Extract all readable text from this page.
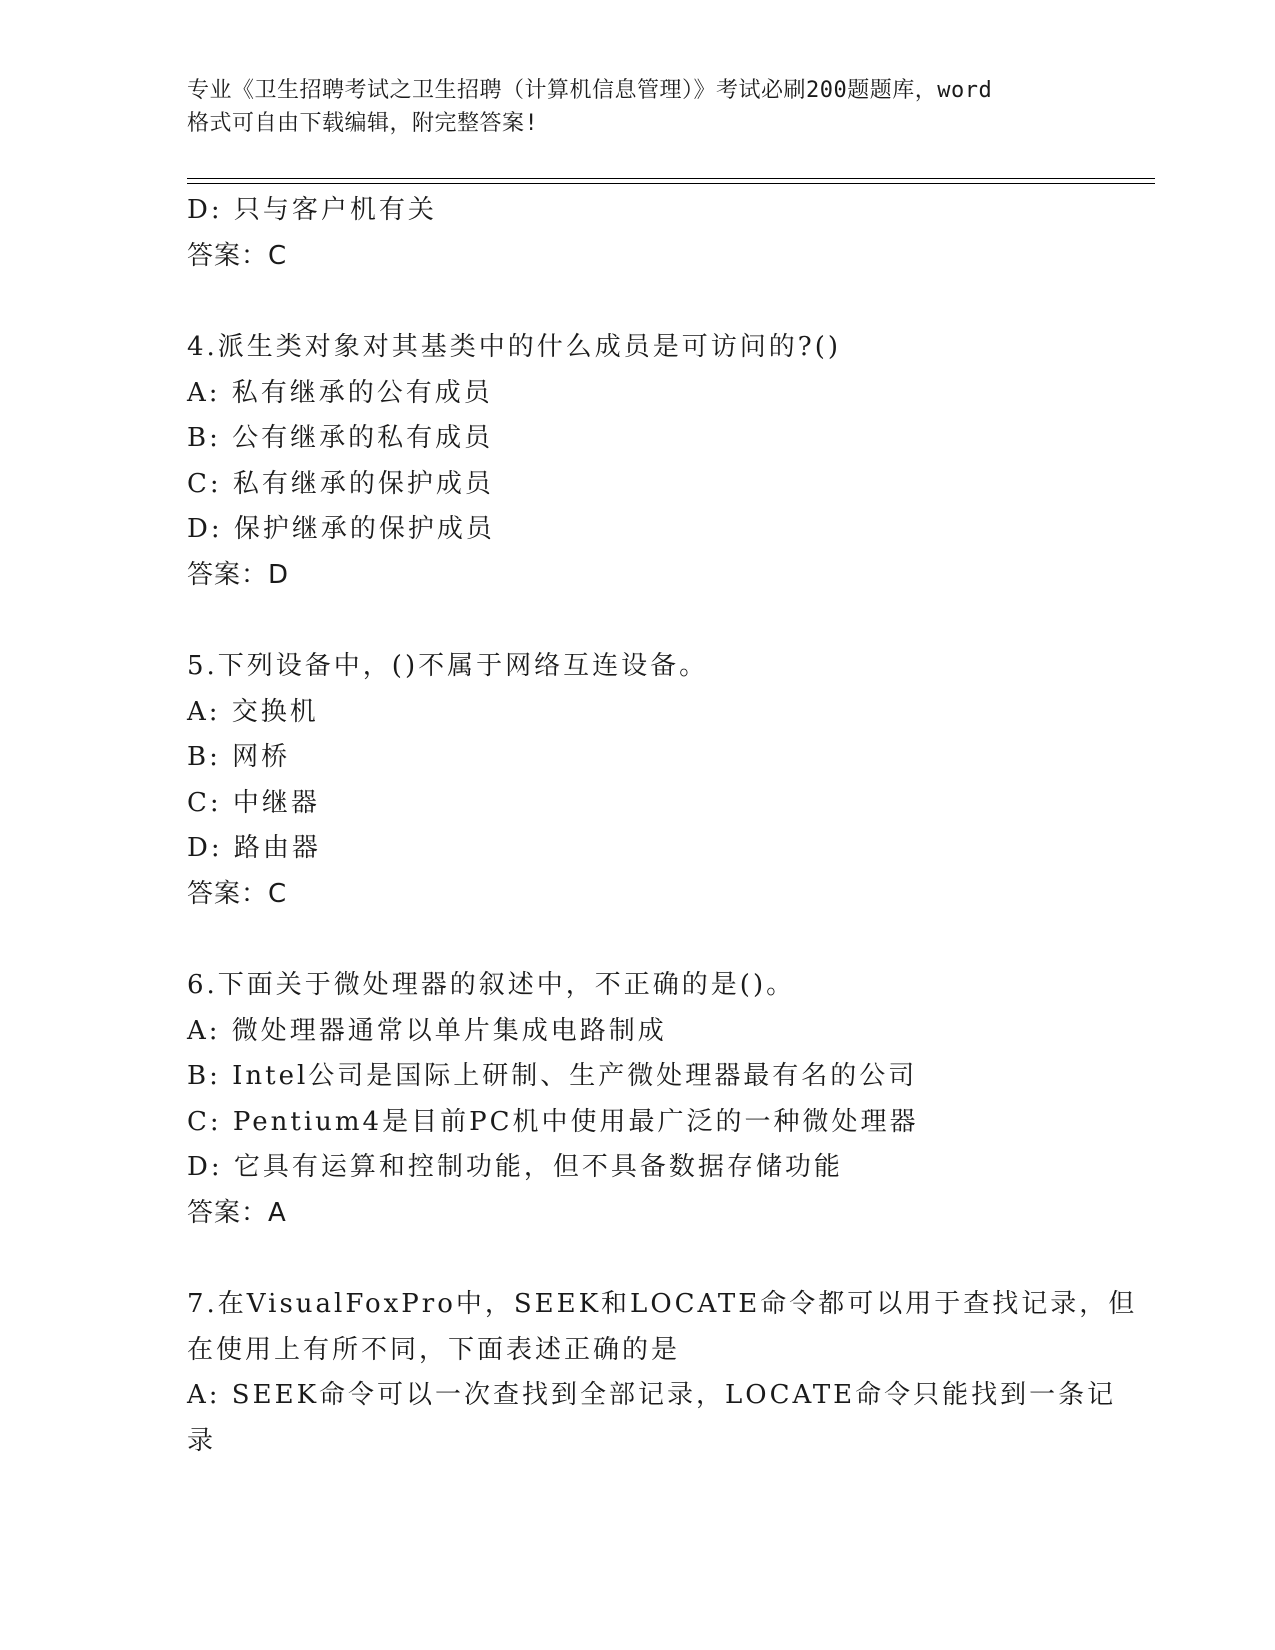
专业《卫生招聘考试之卫生招聘（计算机信息管理）》考试必刷200题题库，word
格式可自由下载编辑，附完整答案!
D: 只与客户机有关
答案：C
4.派生类对象对其基类中的什么成员是可访问的?()
A: 私有继承的公有成员
B: 公有继承的私有成员
C: 私有继承的保护成员
D: 保护继承的保护成员
答案：D
5.下列设备中，()不属于网络互连设备。
A: 交换机
B: 网桥
C: 中继器
D: 路由器
答案：C
6.下面关于微处理器的叙述中，不正确的是()。
A: 微处理器通常以单片集成电路制成
B: Intel公司是国际上研制、生产微处理器最有名的公司
C: Pentium4是目前PC机中使用最广泛的一种微处理器
D: 它具有运算和控制功能，但不具备数据存储功能
答案：A
7.在VisualFoxPro中，SEEK和LOCATE命令都可以用于查找记录，但
在使用上有所不同，下面表述正确的是
A: SEEK命令可以一次查找到全部记录，LOCATE命令只能找到一条记
录
